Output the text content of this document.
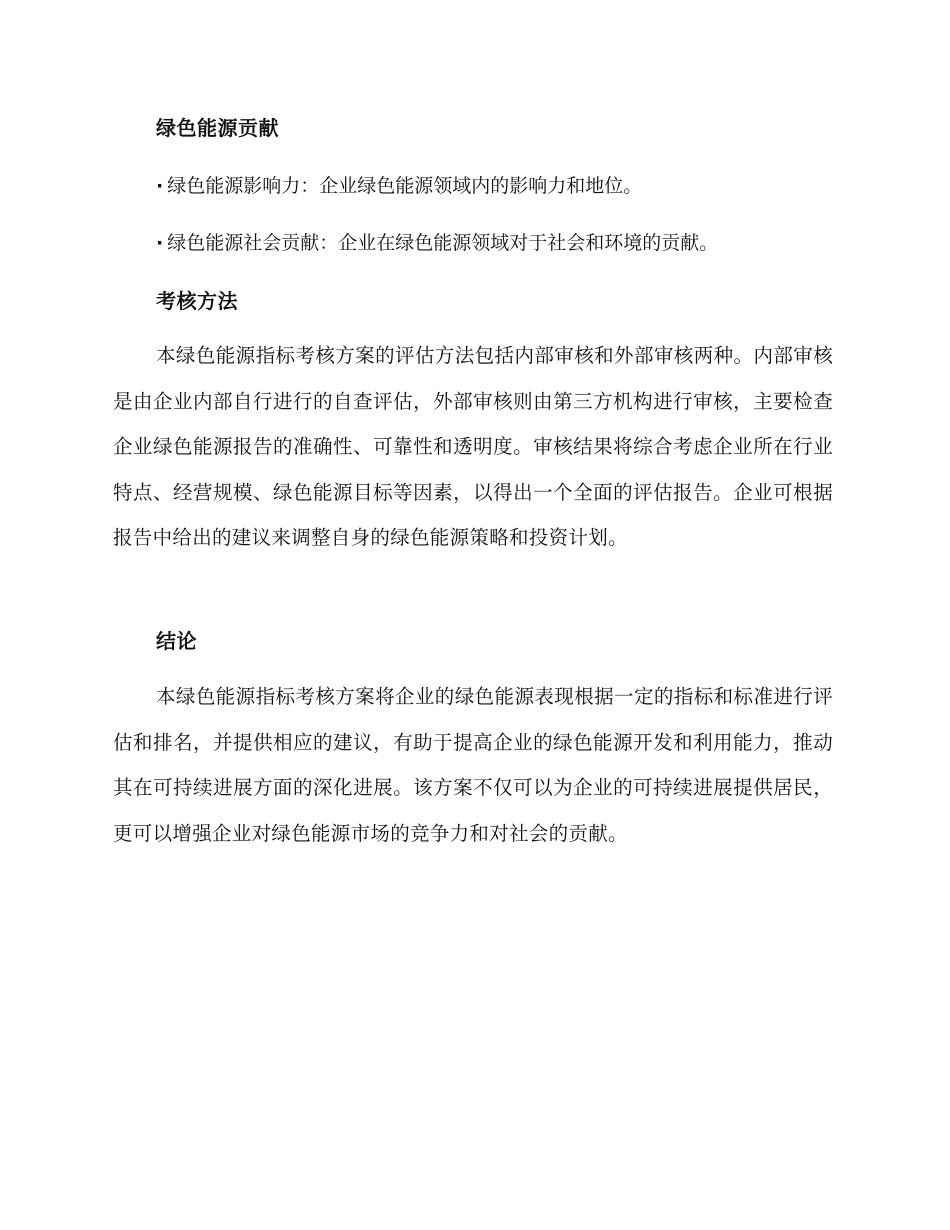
绿色能源贡献
· 绿色能源影响力：企业绿色能源领域内的影响力和地位。
· 绿色能源社会贡献：企业在绿色能源领域对于社会和环境的贡献。
考核方法
本绿色能源指标考核方案的评估方法包括内部审核和外部审核两种。内部审核是由企业内部自行进行的自查评估，外部审核则由第三方机构进行审核，主要检查企业绿色能源报告的准确性、可靠性和透明度。审核结果将综合考虑企业所在行业特点、经营规模、绿色能源目标等因素，以得出一个全面的评估报告。企业可根据报告中给出的建议来调整自身的绿色能源策略和投资计划。
结论
本绿色能源指标考核方案将企业的绿色能源表现根据一定的指标和标准进行评估和排名，并提供相应的建议，有助于提高企业的绿色能源开发和利用能力，推动其在可持续进展方面的深化进展。该方案不仅可以为企业的可持续进展提供居民，更可以增强企业对绿色能源市场的竞争力和对社会的贡献。
